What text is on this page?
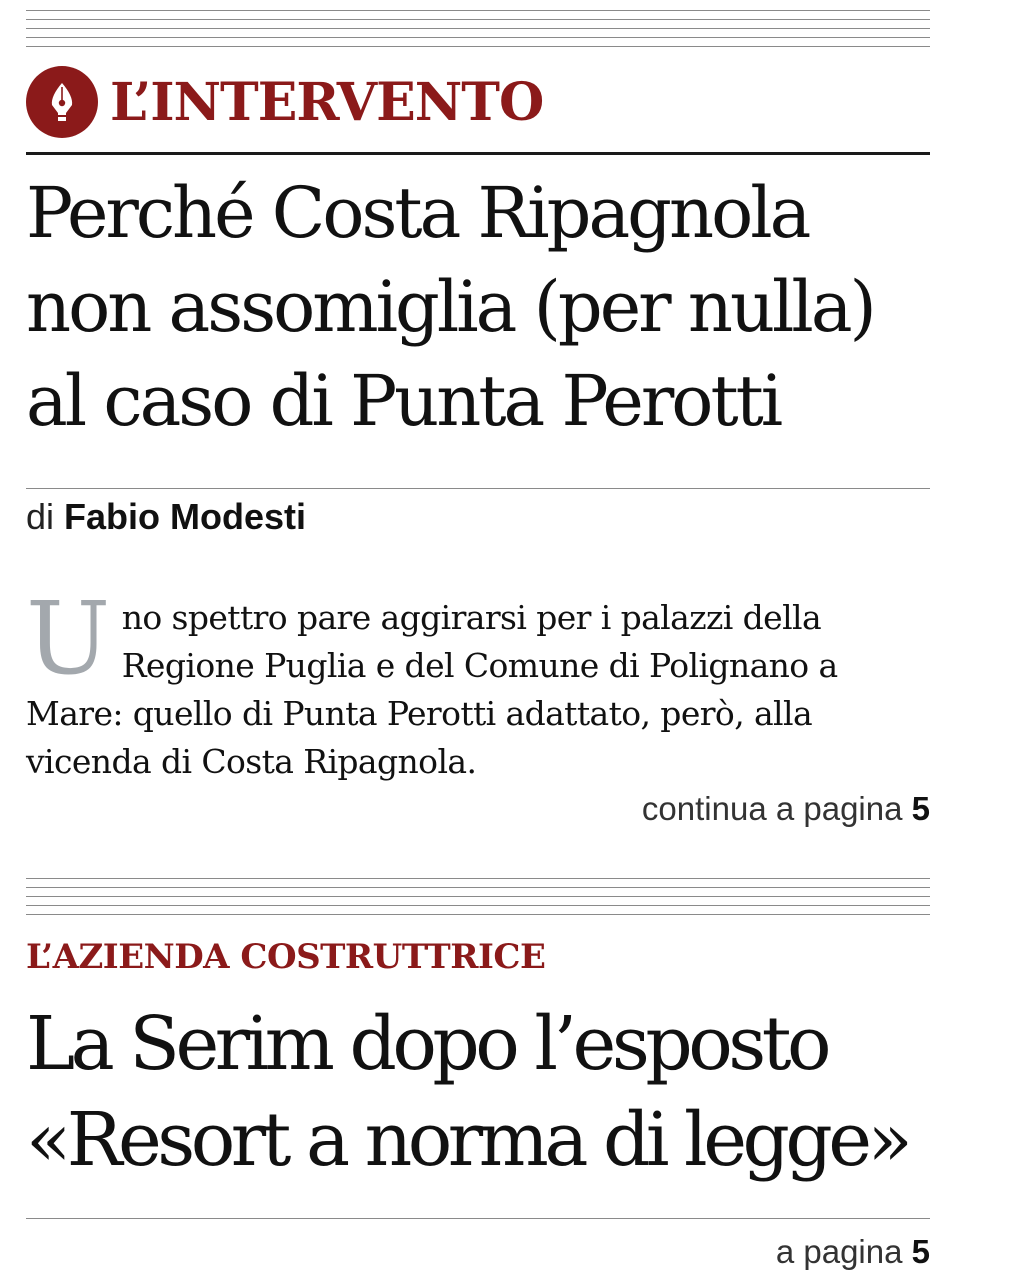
L’INTERVENTO
Perché Costa Ripagnola
non assomiglia (per nulla)
al caso di Punta Perotti
di Fabio Modesti
Uno spettro pare aggirarsi per i palazzi della Regione Puglia e del Comune di Polignano a Mare: quello di Punta Perotti adattato, però, alla vicenda di Costa Ripagnola.
continua a pagina 5
L’AZIENDA COSTRUTTRICE
La Serim dopo l’esposto
«Resort a norma di legge»
a pagina 5
